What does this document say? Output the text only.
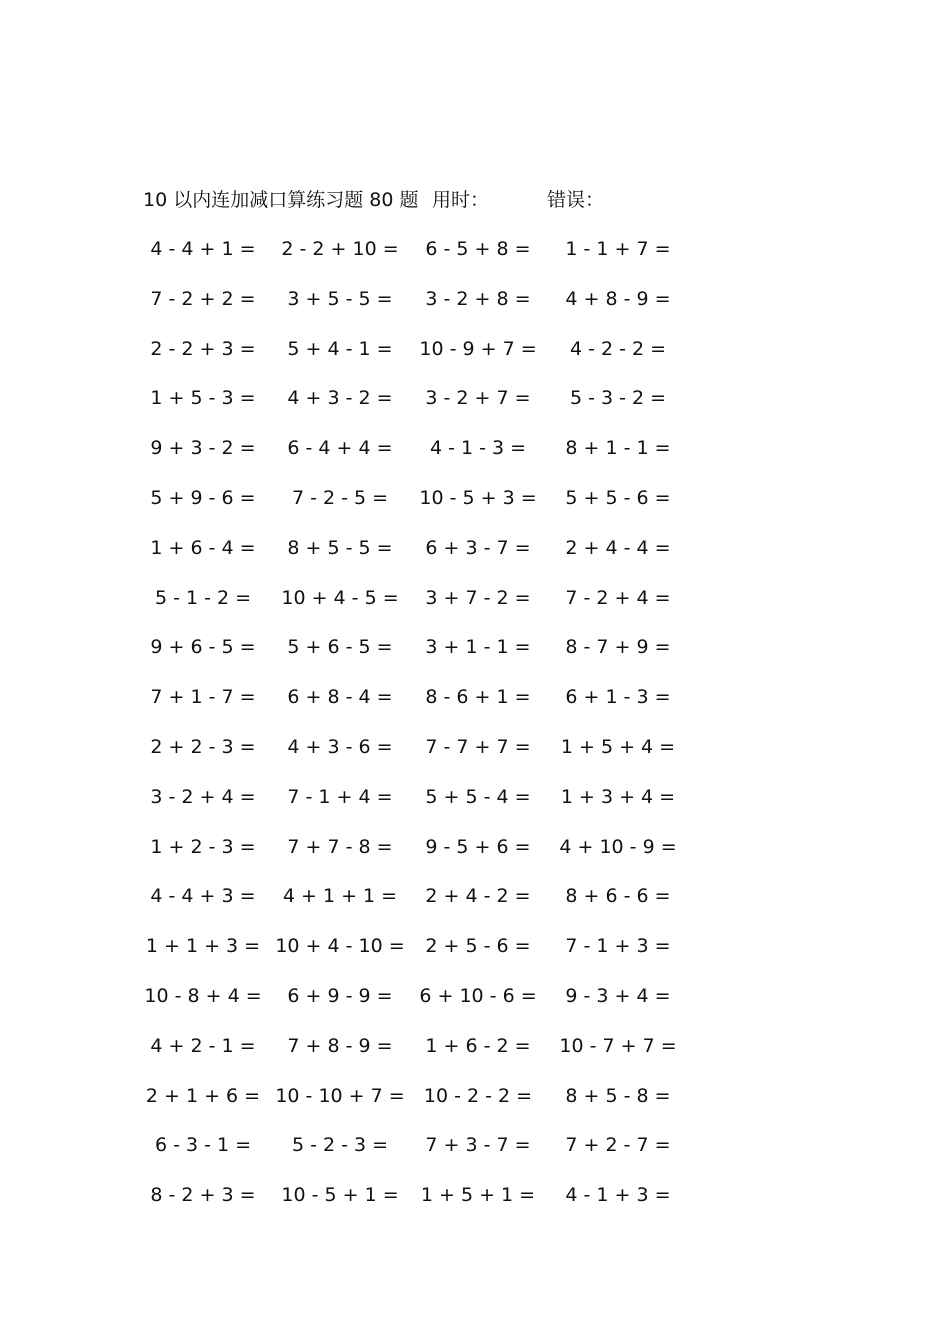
10 以内连加减口算练习题 80 题 用时：	错误：
4 - 4 + 1 =	2 - 2 + 10 =	6 - 5 + 8 =	1 - 1 + 7 =
7 - 2 + 2 =	3 + 5 - 5 =	3 - 2 + 8 =	4 + 8 - 9 =
2 - 2 + 3 =	5 + 4 - 1 =	10 - 9 + 7 =	4 - 2 - 2 =
1 + 5 - 3 =	4 + 3 - 2 =	3 - 2 + 7 =	5 - 3 - 2 =
9 + 3 - 2 =	6 - 4 + 4 =	4 - 1 - 3 =	8 + 1 - 1 =
5 + 9 - 6 =	7 - 2 - 5 =	10 - 5 + 3 =	5 + 5 - 6 =
1 + 6 - 4 =	8 + 5 - 5 =	6 + 3 - 7 =	2 + 4 - 4 =
5 - 1 - 2 =	10 + 4 - 5 =	3 + 7 - 2 =	7 - 2 + 4 =
9 + 6 - 5 =	5 + 6 - 5 =	3 + 1 - 1 =	8 - 7 + 9 =
7 + 1 - 7 =	6 + 8 - 4 =	8 - 6 + 1 =	6 + 1 - 3 =
2 + 2 - 3 =	4 + 3 - 6 =	7 - 7 + 7 =	1 + 5 + 4 =
3 - 2 + 4 =	7 - 1 + 4 =	5 + 5 - 4 =	1 + 3 + 4 =
1 + 2 - 3 =	7 + 7 - 8 =	9 - 5 + 6 =	4 + 10 - 9 =
4 - 4 + 3 =	4 + 1 + 1 =	2 + 4 - 2 =	8 + 6 - 6 =
1 + 1 + 3 = 10 + 4 - 10 =	2 + 5 - 6 =	7 - 1 + 3 =
10 - 8 + 4 =	6 + 9 - 9 =	6 + 10 - 6 =	9 - 3 + 4 =
4 + 2 - 1 =	7 + 8 - 9 =	1 + 6 - 2 =	10 - 7 + 7 =
2 + 1 + 6 = 10 - 10 + 7 =	10 - 2 - 2 =	8 + 5 - 8 =
6 - 3 - 1 =	5 - 2 - 3 =	7 + 3 - 7 =	7 + 2 - 7 =
8 - 2 + 3 =	10 - 5 + 1 =	1 + 5 + 1 =	4 - 1 + 3 =
